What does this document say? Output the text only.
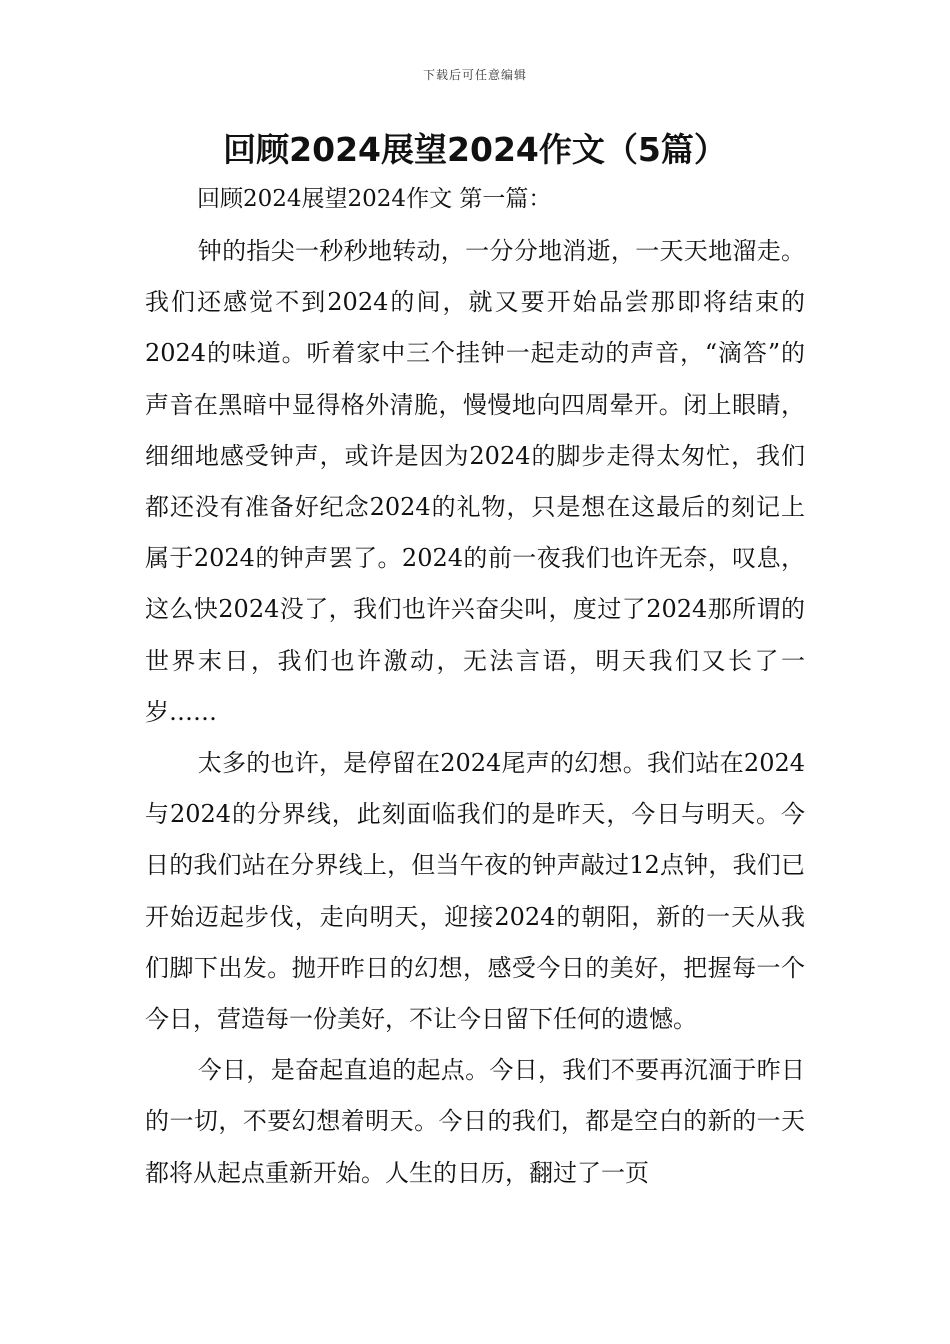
下载后可任意编辑
回顾2024展望2024作文（5篇）
回顾2024展望2024作文 第一篇：

钟的指尖一秒秒地转动，一分分地消逝，一天天地溜走。我们还感觉不到2024的间，就又要开始品尝那即将结束的2024的味道。听着家中三个挂钟一起走动的声音，“滴答”的声音在黑暗中显得格外清脆，慢慢地向四周晕开。闭上眼睛，细细地感受钟声，或许是因为2024的脚步走得太匆忙，我们都还没有准备好纪念2024的礼物，只是想在这最后的刻记上属于2024的钟声罢了。2024的前一夜我们也许无奈，叹息，这么快2024没了，我们也许兴奋尖叫，度过了2024那所谓的世界末日，我们也许激动，无法言语，明天我们又长了一岁……

太多的也许，是停留在2024尾声的幻想。我们站在2024与2024的分界线，此刻面临我们的是昨天，今日与明天。今日的我们站在分界线上，但当午夜的钟声敲过12点钟，我们已开始迈起步伐，走向明天，迎接2024的朝阳，新的一天从我们脚下出发。抛开昨日的幻想，感受今日的美好，把握每一个今日，营造每一份美好，不让今日留下任何的遗憾。

今日，是奋起直追的起点。今日，我们不要再沉湎于昨日的一切，不要幻想着明天。今日的我们，都是空白的新的一天都将从起点重新开始。人生的日历，翻过了一页
